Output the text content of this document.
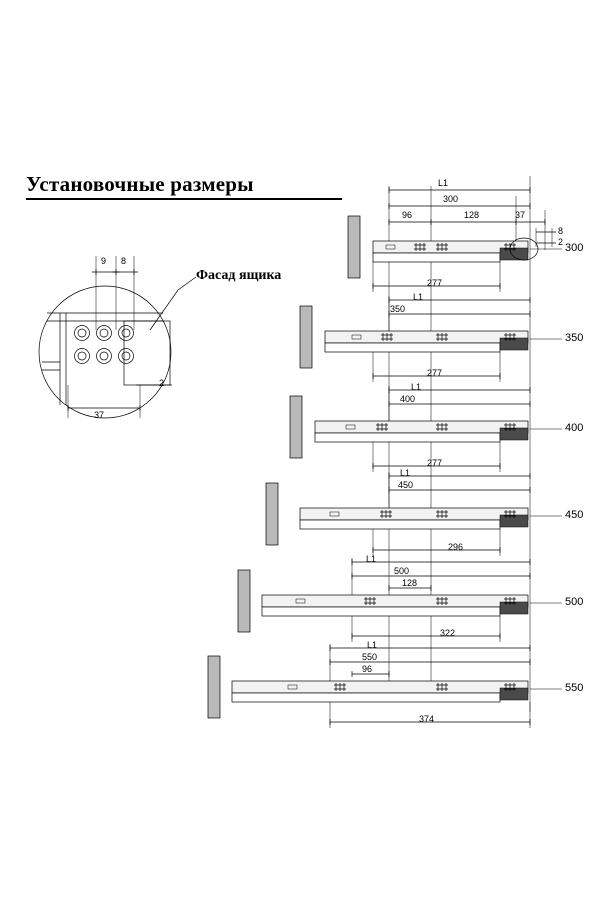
Установочные размеры
Фасад ящика
9 8
2
37
L1
300
96	128	37
8
2
277
300
L1
350
277
350
L1
400
277
400
L1
450
296
450
L1
500
128
322
500
L1
550
96
374
550
